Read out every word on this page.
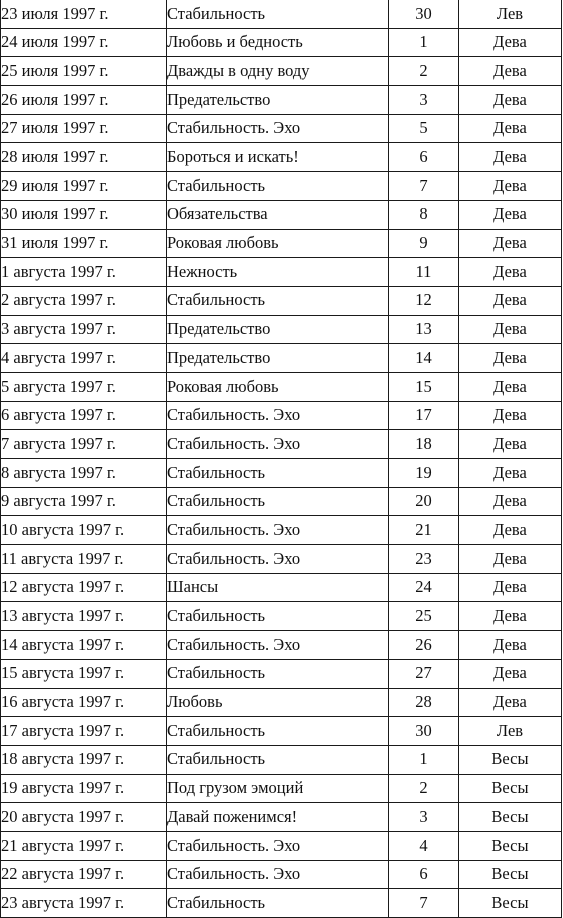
23 июля 1997 г.	Стабильность	30	Лев
24 июля 1997 г.	Любовь и бедность	1	Дева
25 июля 1997 г.	Дважды в одну воду	2	Дева
26 июля 1997 г.	Предательство	3	Дева
27 июля 1997 г.	Стабильность. Эхо	5	Дева
28 июля 1997 г.	Бороться и искать!	6	Дева
29 июля 1997 г.	Стабильность	7	Дева
30 июля 1997 г.	Обязательства	8	Дева
31 июля 1997 г.	Роковая любовь	9	Дева
1 августа 1997 г.	Нежность	11	Дева
2 августа 1997 г.	Стабильность	12	Дева
3 августа 1997 г.	Предательство	13	Дева
4 августа 1997 г.	Предательство	14	Дева
5 августа 1997 г.	Роковая любовь	15	Дева
6 августа 1997 г.	Стабильность. Эхо	17	Дева
7 августа 1997 г.	Стабильность. Эхо	18	Дева
8 августа 1997 г.	Стабильность	19	Дева
9 августа 1997 г.	Стабильность	20	Дева
10 августа 1997 г.	Стабильность. Эхо	21	Дева
11 августа 1997 г.	Стабильность. Эхо	23	Дева
12 августа 1997 г.	Шансы	24	Дева
13 августа 1997 г.	Стабильность	25	Дева
14 августа 1997 г.	Стабильность. Эхо	26	Дева
15 августа 1997 г.	Стабильность	27	Дева
16 августа 1997 г.	Любовь	28	Дева
17 августа 1997 г.	Стабильность	30	Лев
18 августа 1997 г.	Стабильность	1	Весы
19 августа 1997 г.	Под грузом эмоций	2	Весы
20 августа 1997 г.	Давай поженимся!	3	Весы
21 августа 1997 г.	Стабильность. Эхо	4	Весы
22 августа 1997 г.	Стабильность. Эхо	6	Весы
23 августа 1997 г.	Стабильность	7	Весы
